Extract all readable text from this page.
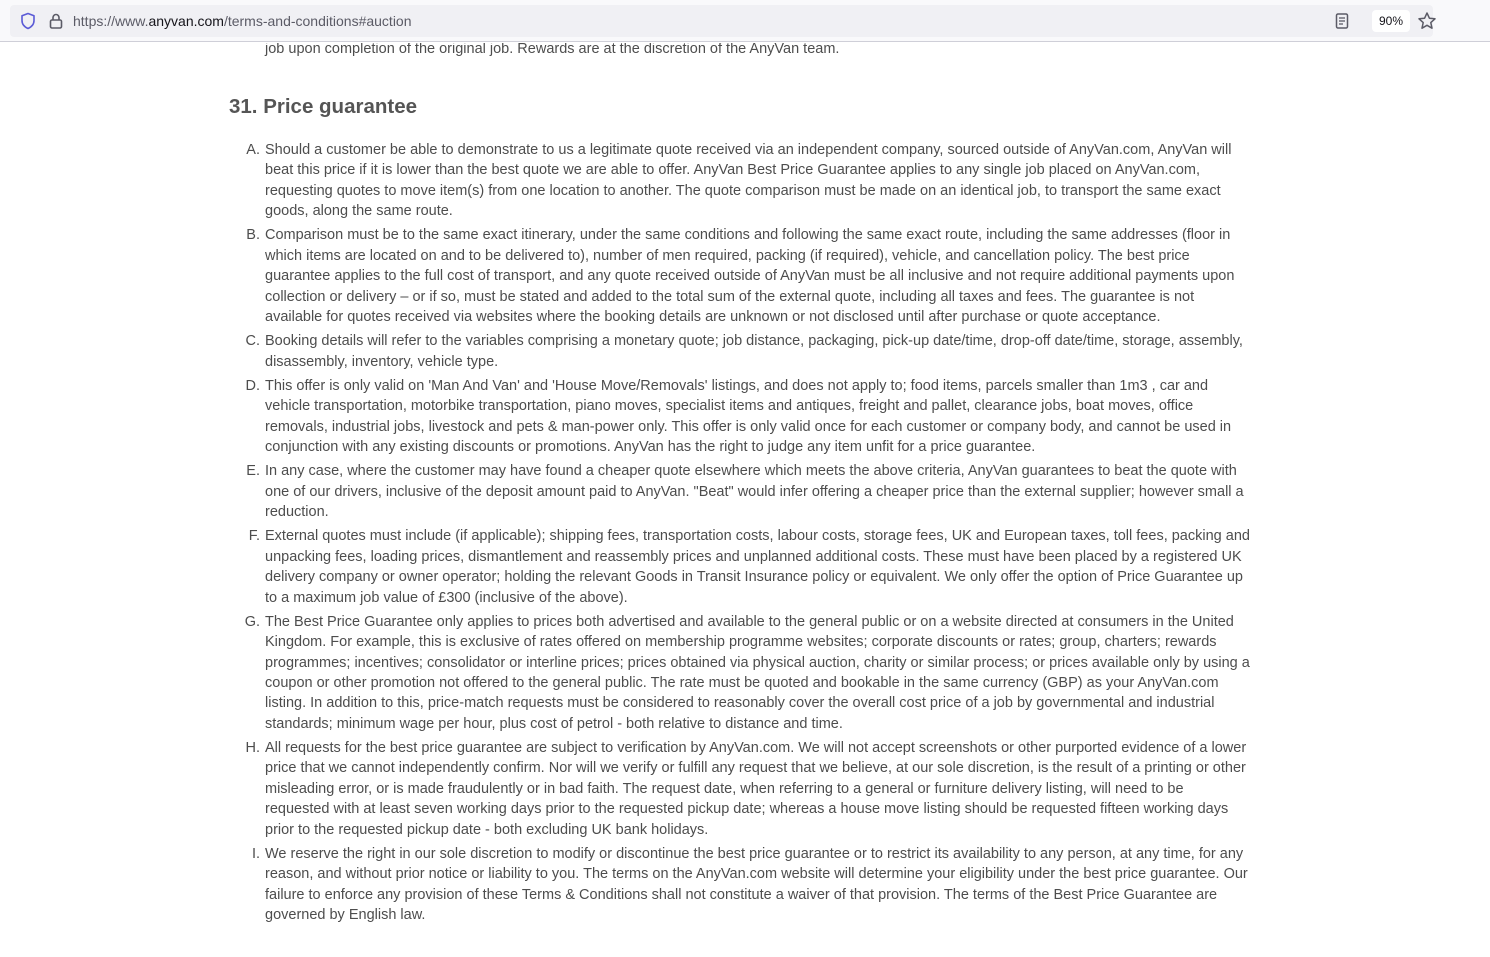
https://www.anyvan.com/terms-and-conditions#auction	90%

job upon completion of the original job. Rewards are at the discretion of the AnyVan team.

31. Price guarantee
A. Should a customer be able to demonstrate to us a legitimate quote received via an independent company, sourced outside of AnyVan.com, AnyVan will beat this price if it is lower than the best quote we are able to offer. AnyVan Best Price Guarantee applies to any single job placed on AnyVan.com, requesting quotes to move item(s) from one location to another. The quote comparison must be made on an identical job, to transport the same exact goods, along the same route.

B. Comparison must be to the same exact itinerary, under the same conditions and following the same exact route, including the same addresses (floor in which items are located on and to be delivered to), number of men required, packing (if required), vehicle, and cancellation policy. The best price guarantee applies to the full cost of transport, and any quote received outside of AnyVan must be all inclusive and not require additional payments upon collection or delivery – or if so, must be stated and added to the total sum of the external quote, including all taxes and fees. The guarantee is not available for quotes received via websites where the booking details are unknown or not disclosed until after purchase or quote acceptance.

C. Booking details will refer to the variables comprising a monetary quote; job distance, packaging, pick-up date/time, drop-off date/time, storage, assembly, disassembly, inventory, vehicle type.

D. This offer is only valid on 'Man And Van' and 'House Move/Removals' listings, and does not apply to; food items, parcels smaller than 1m3 , car and vehicle transportation, motorbike transportation, piano moves, specialist items and antiques, freight and pallet, clearance jobs, boat moves, office removals, industrial jobs, livestock and pets & man-power only. This offer is only valid once for each customer or company body, and cannot be used in conjunction with any existing discounts or promotions. AnyVan has the right to judge any item unfit for a price guarantee.

E. In any case, where the customer may have found a cheaper quote elsewhere which meets the above criteria, AnyVan guarantees to beat the quote with one of our drivers, inclusive of the deposit amount paid to AnyVan. "Beat" would infer offering a cheaper price than the external supplier; however small a reduction.

F. External quotes must include (if applicable); shipping fees, transportation costs, labour costs, storage fees, UK and European taxes, toll fees, packing and unpacking fees, loading prices, dismantlement and reassembly prices and unplanned additional costs. These must have been placed by a registered UK delivery company or owner operator; holding the relevant Goods in Transit Insurance policy or equivalent. We only offer the option of Price Guarantee up to a maximum job value of £300 (inclusive of the above).

G. The Best Price Guarantee only applies to prices both advertised and available to the general public or on a website directed at consumers in the United Kingdom. For example, this is exclusive of rates offered on membership programme websites; corporate discounts or rates; group, charters; rewards programmes; incentives; consolidator or interline prices; prices obtained via physical auction, charity or similar process; or prices available only by using a coupon or other promotion not offered to the general public. The rate must be quoted and bookable in the same currency (GBP) as your AnyVan.com listing. In addition to this, price-match requests must be considered to reasonably cover the overall cost price of a job by governmental and industrial standards; minimum wage per hour, plus cost of petrol - both relative to distance and time.

H. All requests for the best price guarantee are subject to verification by AnyVan.com. We will not accept screenshots or other purported evidence of a lower price that we cannot independently confirm. Nor will we verify or fulfill any request that we believe, at our sole discretion, is the result of a printing or other misleading error, or is made fraudulently or in bad faith. The request date, when referring to a general or furniture delivery listing, will need to be requested with at least seven working days prior to the requested pickup date; whereas a house move listing should be requested fifteen working days prior to the requested pickup date - both excluding UK bank holidays.

I. We reserve the right in our sole discretion to modify or discontinue the best price guarantee or to restrict its availability to any person, at any time, for any reason, and without prior notice or liability to you. The terms on the AnyVan.com website will determine your eligibility under the best price guarantee. Our failure to enforce any provision of these Terms & Conditions shall not constitute a waiver of that provision. The terms of the Best Price Guarantee are governed by English law.
